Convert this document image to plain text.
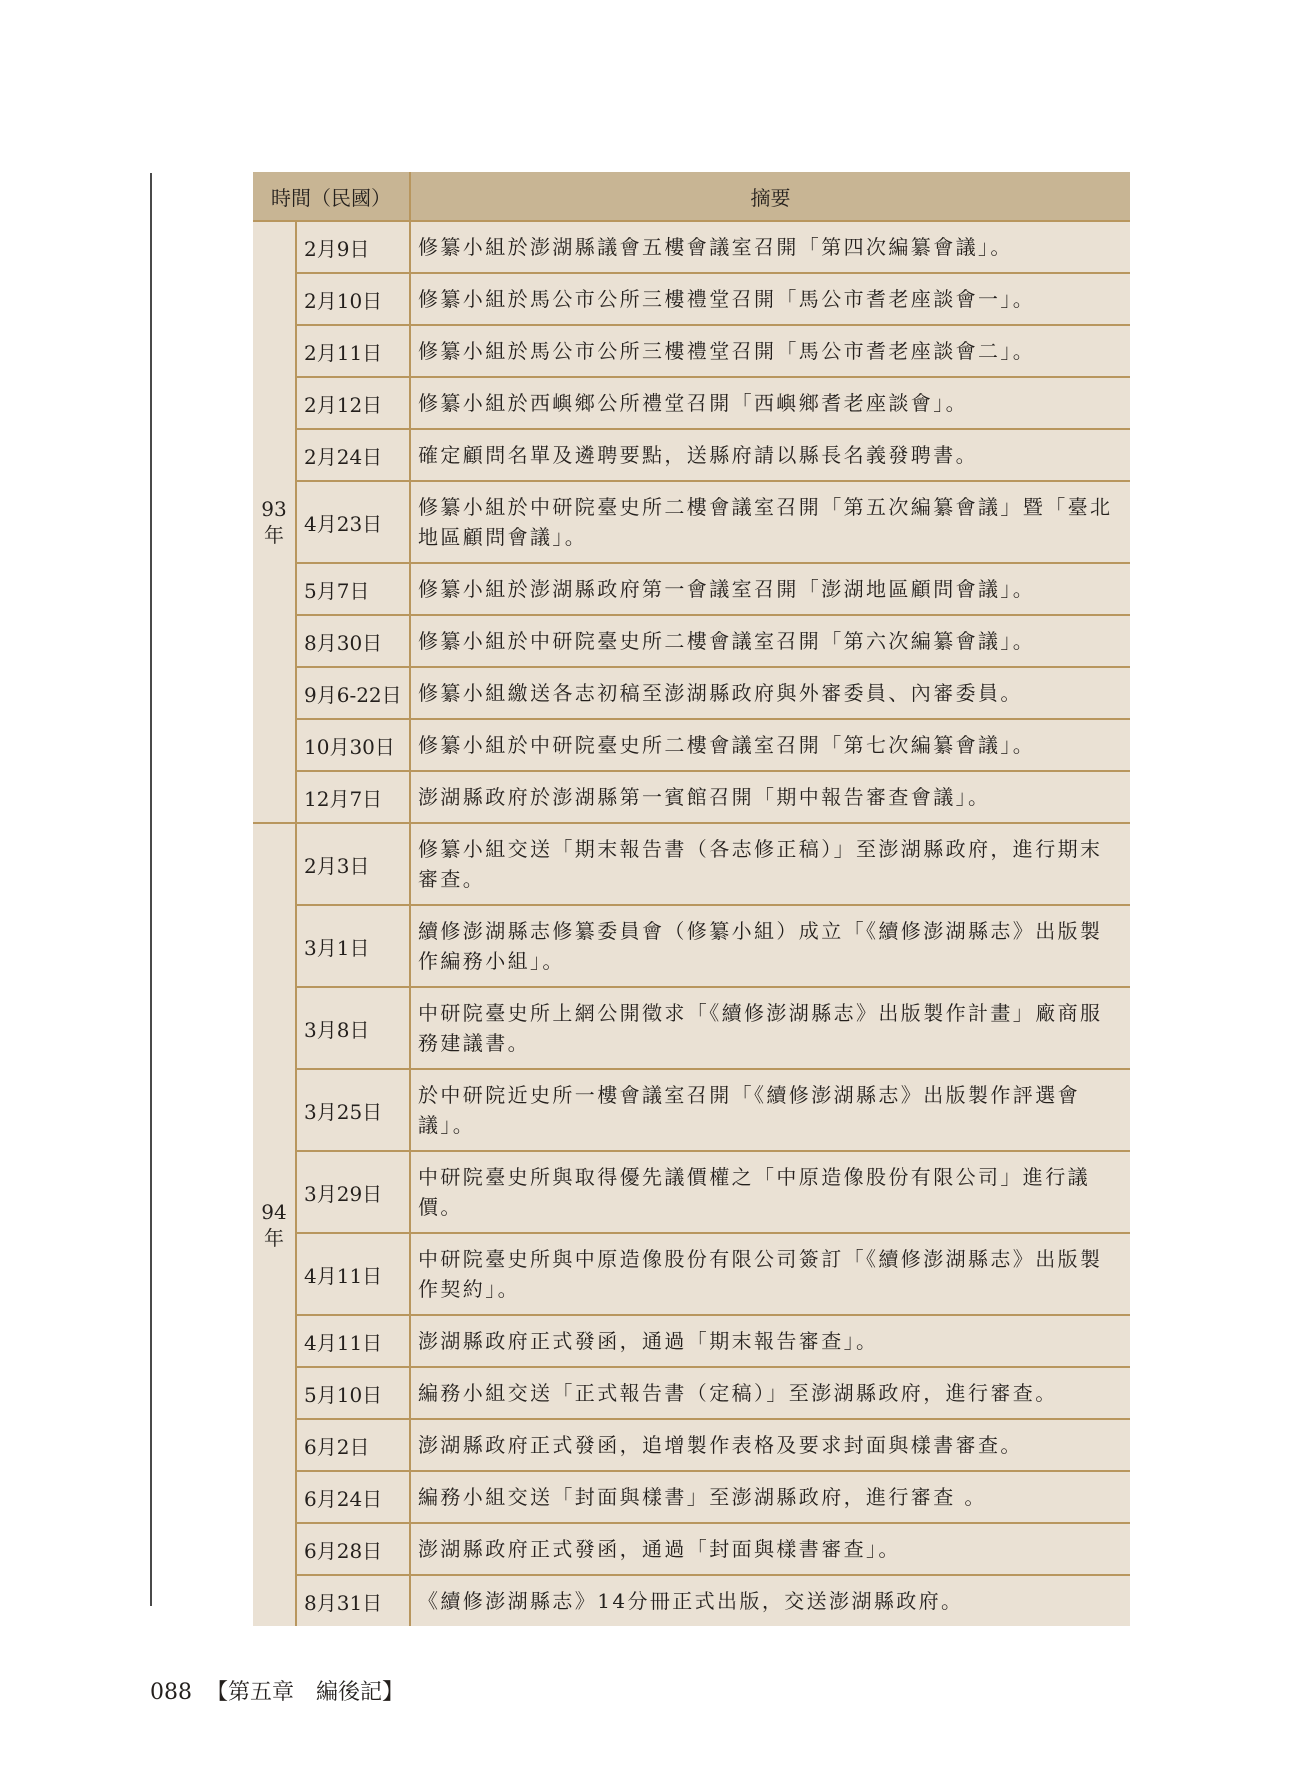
時間（民國）		摘要
93
年	2月9日	修纂小組於澎湖縣議會五樓會議室召開「第四次編纂會議」。
	2月10日	修纂小組於馬公市公所三樓禮堂召開「馬公市耆老座談會一」。
	2月11日	修纂小組於馬公市公所三樓禮堂召開「馬公市耆老座談會二」。
	2月12日	修纂小組於西嶼鄉公所禮堂召開「西嶼鄉耆老座談會」。
	2月24日	確定顧問名單及遴聘要點，送縣府請以縣長名義發聘書。
	4月23日	修纂小組於中研院臺史所二樓會議室召開「第五次編纂會議」暨「臺北地區顧問會議」。
	5月7日	修纂小組於澎湖縣政府第一會議室召開「澎湖地區顧問會議」。
	8月30日	修纂小組於中研院臺史所二樓會議室召開「第六次編纂會議」。
	9月6-22日	修纂小組繳送各志初稿至澎湖縣政府與外審委員、內審委員。
	10月30日	修纂小組於中研院臺史所二樓會議室召開「第七次編纂會議」。
	12月7日	澎湖縣政府於澎湖縣第一賓館召開「期中報告審查會議」。
94
年	2月3日	修纂小組交送「期末報告書（各志修正稿）」至澎湖縣政府，進行期末審查。
	3月1日	續修澎湖縣志修纂委員會（修纂小組）成立「《續修澎湖縣志》出版製作編務小組」。
	3月8日	中研院臺史所上網公開徵求「《續修澎湖縣志》出版製作計畫」廠商服務建議書。
	3月25日	於中研院近史所一樓會議室召開「《續修澎湖縣志》出版製作評選會議」。
	3月29日	中研院臺史所與取得優先議價權之「中原造像股份有限公司」進行議價。
	4月11日	中研院臺史所與中原造像股份有限公司簽訂「《續修澎湖縣志》出版製作契約」。
	4月11日	澎湖縣政府正式發函，通過「期末報告審查」。
	5月10日	編務小組交送「正式報告書（定稿）」至澎湖縣政府，進行審查。
	6月2日	澎湖縣政府正式發函，追增製作表格及要求封面與樣書審查。
	6月24日	編務小組交送「封面與樣書」至澎湖縣政府，進行審查 。
	6月28日	澎湖縣政府正式發函，通過「封面與樣書審查」。
	8月31日	《續修澎湖縣志》14分冊正式出版，交送澎湖縣政府。
088 【第五章　編後記】
